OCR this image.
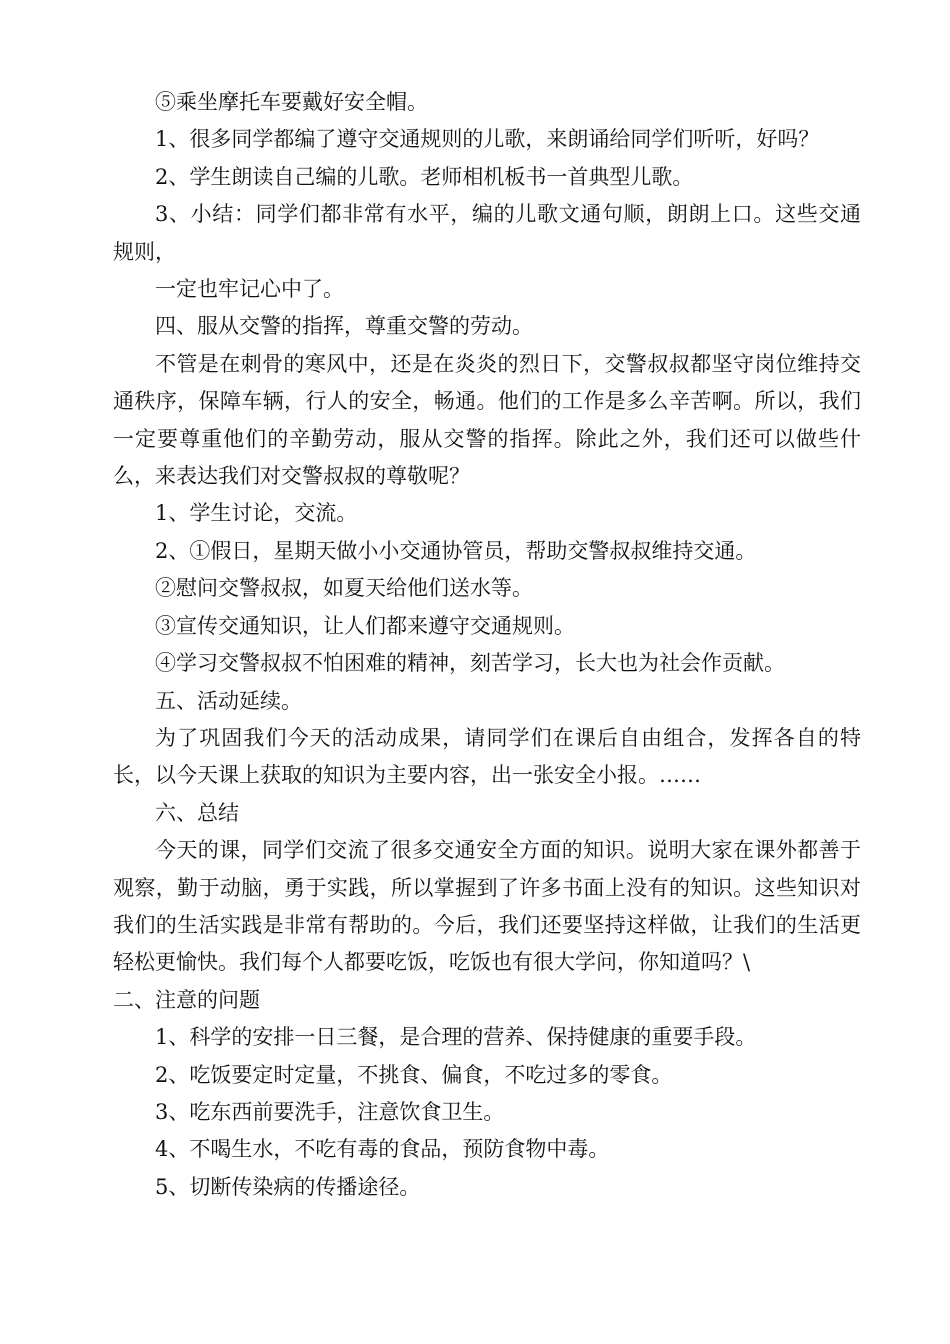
⑤乘坐摩托车要戴好安全帽。

1、很多同学都编了遵守交通规则的儿歌，来朗诵给同学们听听，好吗？

2、学生朗读自己编的儿歌。老师相机板书一首典型儿歌。

3、小结：同学们都非常有水平，编的儿歌文通句顺，朗朗上口。这些交通规则，

一定也牢记心中了。

四、服从交警的指挥，尊重交警的劳动。

不管是在刺骨的寒风中，还是在炎炎的烈日下，交警叔叔都坚守岗位维持交通秩序，保障车辆，行人的安全，畅通。他们的工作是多么辛苦啊。所以，我们一定要尊重他们的辛勤劳动，服从交警的指挥。除此之外，我们还可以做些什么，来表达我们对交警叔叔的尊敬呢？

1、学生讨论，交流。

2、①假日，星期天做小小交通协管员，帮助交警叔叔维持交通。

②慰问交警叔叔，如夏天给他们送水等。

③宣传交通知识，让人们都来遵守交通规则。

④学习交警叔叔不怕困难的精神，刻苦学习，长大也为社会作贡献。

五、活动延续。

为了巩固我们今天的活动成果，请同学们在课后自由组合，发挥各自的特长，以今天课上获取的知识为主要内容，出一张安全小报。……

六、总结

今天的课，同学们交流了很多交通安全方面的知识。说明大家在课外都善于观察，勤于动脑，勇于实践，所以掌握到了许多书面上没有的知识。这些知识对我们的生活实践是非常有帮助的。今后，我们还要坚持这样做，让我们的生活更轻松更愉快。我们每个人都要吃饭，吃饭也有很大学问，你知道吗？\

二、注意的问题

1、科学的安排一日三餐，是合理的营养、保持健康的重要手段。

2、吃饭要定时定量，不挑食、偏食，不吃过多的零食。

3、吃东西前要洗手，注意饮食卫生。

4、不喝生水，不吃有毒的食品，预防食物中毒。

5、切断传染病的传播途径。
